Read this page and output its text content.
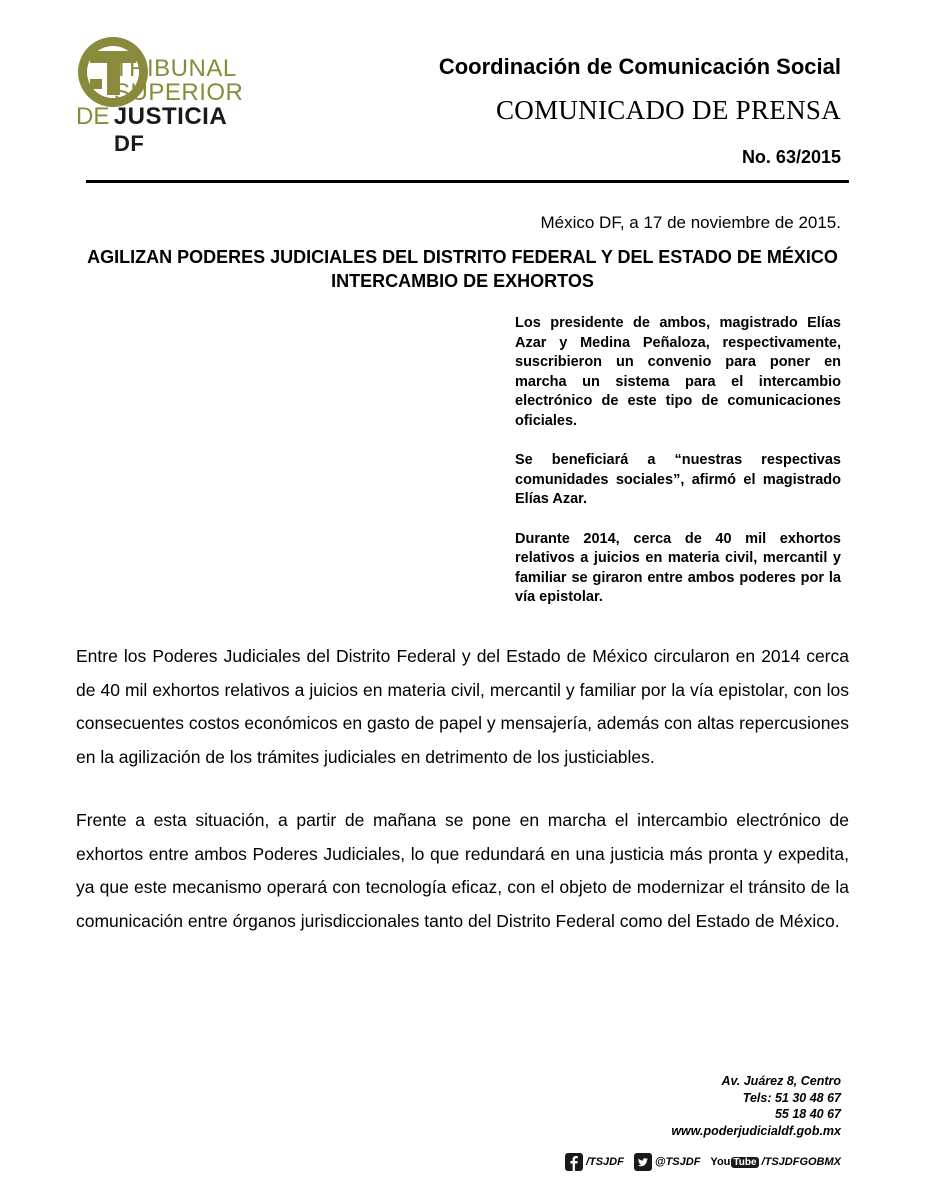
TRIBUNAL
SUPERIOR
DE JUSTICIA
DF
Coordinación de Comunicación Social
COMUNICADO DE PRENSA
No. 63/2015
México DF, a 17 de noviembre de 2015.
AGILIZAN PODERES JUDICIALES DEL DISTRITO FEDERAL Y DEL ESTADO DE MÉXICO INTERCAMBIO DE EXHORTOS

Los presidente de ambos, magistrado Elías Azar y Medina Peñaloza, respectivamente, suscribieron un convenio para poner en marcha un sistema para el intercambio electrónico de este tipo de comunicaciones oficiales.

Se beneficiará a “nuestras respectivas comunidades sociales”, afirmó el magistrado Elías Azar.

Durante 2014, cerca de 40 mil exhortos relativos a juicios en materia civil, mercantil y familiar se giraron entre ambos poderes por la vía epistolar.

Entre los Poderes Judiciales del Distrito Federal y del Estado de México circularon en 2014 cerca de 40 mil exhortos relativos a juicios en materia civil, mercantil y familiar por la vía epistolar, con los consecuentes costos económicos en gasto de papel y mensajería, además con altas repercusiones en la agilización de los trámites judiciales en detrimento de los justiciables.

Frente a esta situación, a partir de mañana se pone en marcha el intercambio electrónico de exhortos entre ambos Poderes Judiciales, lo que redundará en una justicia más pronta y expedita, ya que este mecanismo operará con tecnología eficaz, con el objeto de modernizar el tránsito de la comunicación entre órganos jurisdiccionales tanto del Distrito Federal como del Estado de México.

Av. Juárez 8, Centro
Tels: 51 30 48 67
55 18 40 67
www.poderjudicialdf.gob.mx
/TSJDF	@TSJDF You Tube /TSJDFGOBMX
